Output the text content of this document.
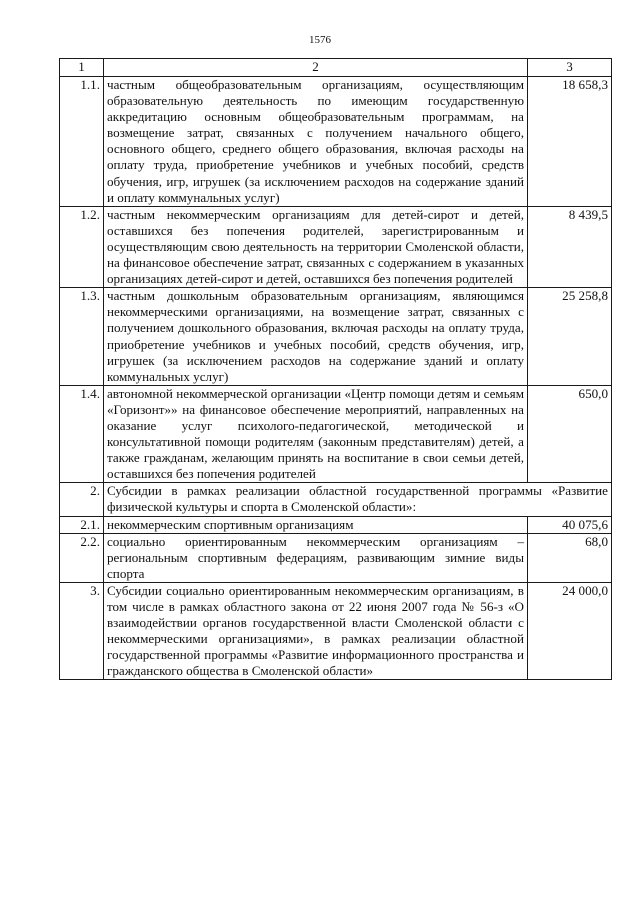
1576
1	2	3
1.1.	частным общеобразовательным организациям, осуществляющим образовательную деятельность по имеющим государственную аккредитацию основным общеобразовательным программам, на возмещение затрат, связанных с получением начального общего, основного общего, среднего общего образования, включая расходы на оплату труда, приобретение учебников и учебных пособий, средств обучения, игр, игрушек (за исключением расходов на содержание зданий и оплату коммунальных услуг)	18 658,3
1.2.	частным некоммерческим организациям для детей-сирот и детей, оставшихся без попечения родителей, зарегистрированным и осуществляющим свою деятельность на территории Смоленской области, на финансовое обеспечение затрат, связанных с содержанием в указанных организациях детей-сирот и детей, оставшихся без попечения родителей	8 439,5
1.3.	частным дошкольным образовательным организациям, являющимся некоммерческими организациями, на возмещение затрат, связанных с получением дошкольного образования, включая расходы на оплату труда, приобретение учебников и учебных пособий, средств обучения, игр, игрушек (за исключением расходов на содержание зданий и оплату коммунальных услуг)	25 258,8
1.4.	автономной некоммерческой организации «Центр помощи детям и семьям «Горизонт»» на финансовое обеспечение мероприятий, направленных на оказание услуг психолого-педагогической, методической и консультативной помощи родителям (законным представителям) детей, а также гражданам, желающим принять на воспитание в свои семьи детей, оставшихся без попечения родителей	650,0
2.	Субсидии в рамках реализации областной государственной программы «Развитие физической культуры и спорта в Смоленской области»:	
2.1.	некоммерческим спортивным организациям	40 075,6
2.2.	социально ориентированным некоммерческим организациям – региональным спортивным федерациям, развивающим зимние виды спорта	68,0
3.	Субсидии социально ориентированным некоммерческим организациям, в том числе в рамках областного закона от 22 июня 2007 года № 56-з «О взаимодействии органов государственной власти Смоленской области с некоммерческими организациями», в рамках реализации областной государственной программы «Развитие информационного пространства и гражданского общества в Смоленской области»	24 000,0
